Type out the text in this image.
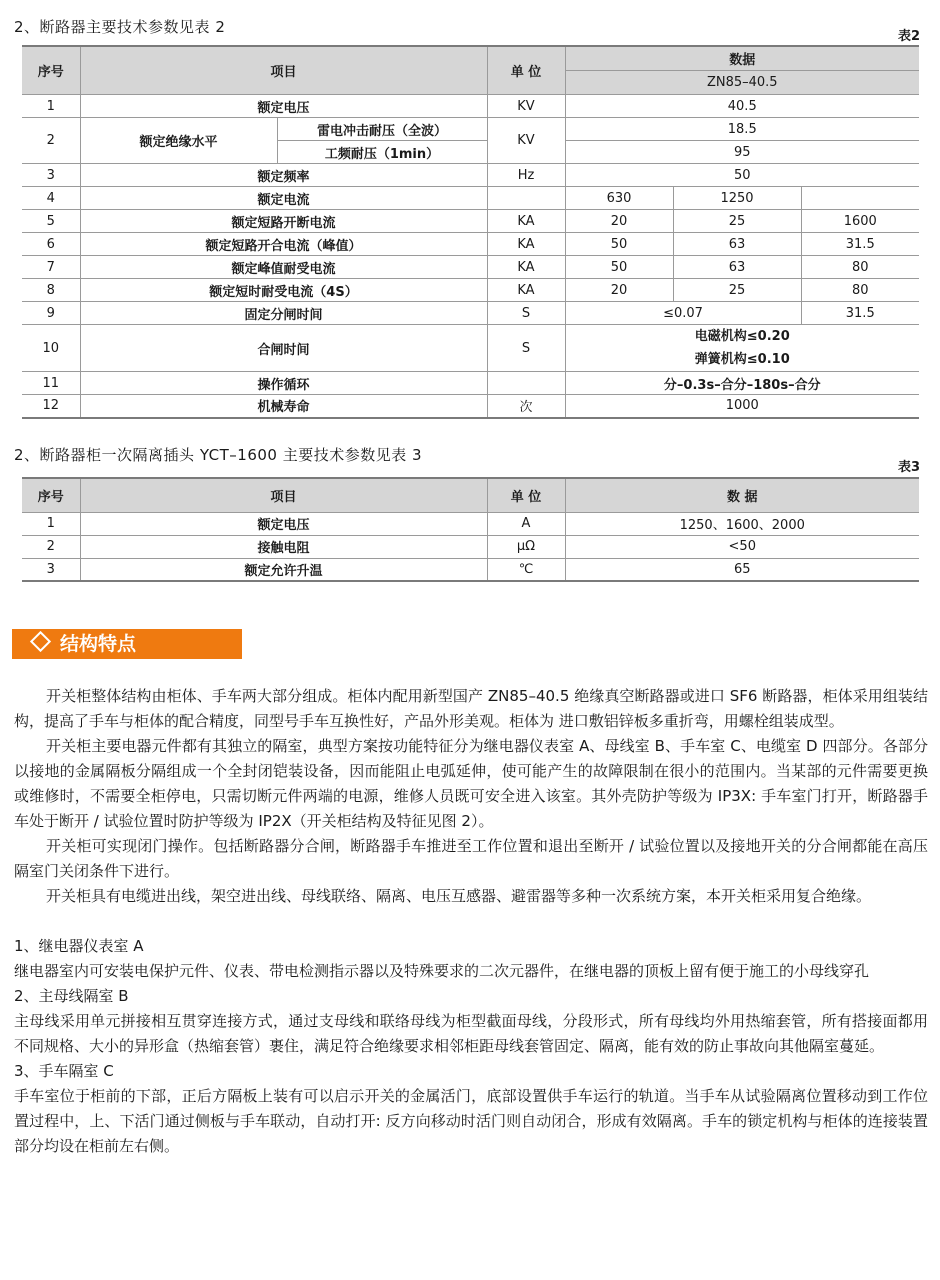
2、断路器主要技术参数见表 2
表2
序号	项目		单 位	数据		
				ZN85–40.5		
1	额定电压		KV	40.5		
2	额定绝缘水平	雷电冲击耐压（全波）	KV	18.5		
		工频耐压（1min）		95		
3	额定频率		Hz	50		
4	额定电流			630	1250	
5	额定短路开断电流		KA	20	25	1600
6	额定短路开合电流（峰值）		KA	50	63	31.5
7	额定峰值耐受电流		KA	50	63	80
8	额定短时耐受电流（4S）		KA	20	25	80
9	固定分闸时间		S	≤0.07		31.5
10	合闸时间		S	电磁机构≤0.20
弹簧机构≤0.10		

11	操作循环			分–0.3s–合分–180s–合分		
12	机械寿命		次	1000		
2、断路器柜一次隔离插头 YCT–1600 主要技术参数见表 3
表3
序号	项目	单 位	数 据
1	额定电压	A	1250、1600、2000
2	接触电阻	μΩ	<50
3	额定允许升温	℃	65
结构特点

开关柜整体结构由柜体、手车两大部分组成。柜体内配用新型国产 ZN85–40.5 绝缘真空断路器或进口 SF6 断路器，柜体采用组装结构，提高了手车与柜体的配合精度，同型号手车互换性好，产品外形美观。柜体为 进口敷铝锌板多重折弯，用螺栓组装成型。

开关柜主要电器元件都有其独立的隔室，典型方案按功能特征分为继电器仪表室 A、母线室 B、手车室 C、电缆室 D 四部分。各部分以接地的金属隔板分隔组成一个全封闭铠装设备，因而能阻止电弧延伸，使可能产生的故障限制在很小的范围内。当某部的元件需要更换或维修时，不需要全柜停电，只需切断元件两端的电源，维修人员既可安全进入该室。其外壳防护等级为 IP3X: 手车室门打开，断路器手车处于断开 / 试验位置时防护等级为 IP2X（开关柜结构及特征见图 2）。

开关柜可实现闭门操作。包括断路器分合闸，断路器手车推进至工作位置和退出至断开 / 试验位置以及接地开关的分合闸都能在高压隔室门关闭条件下进行。

开关柜具有电缆进出线，架空进出线、母线联络、隔离、电压互感器、避雷器等多种一次系统方案，本开关柜采用复合绝缘。

1、继电器仪表室 A

继电器室内可安装电保护元件、仪表、带电检测指示器以及特殊要求的二次元器件，在继电器的顶板上留有便于施工的小母线穿孔

2、主母线隔室 B

主母线采用单元拼接相互贯穿连接方式，通过支母线和联络母线为柜型截面母线，分段形式，所有母线均外用热缩套管，所有搭接面都用不同规格、大小的异形盒（热缩套管）裹住，满足符合绝缘要求相邻柜距母线套管固定、隔离，能有效的防止事故向其他隔室蔓延。

3、手车隔室 C

手车室位于柜前的下部，正后方隔板上装有可以启示开关的金属活门，底部设置供手车运行的轨道。当手车从试验隔离位置移动到工作位置过程中，上、下活门通过侧板与手车联动，自动打开: 反方向移动时活门则自动闭合，形成有效隔离。手车的锁定机构与柜体的连接装置部分均设在柜前左右侧。
